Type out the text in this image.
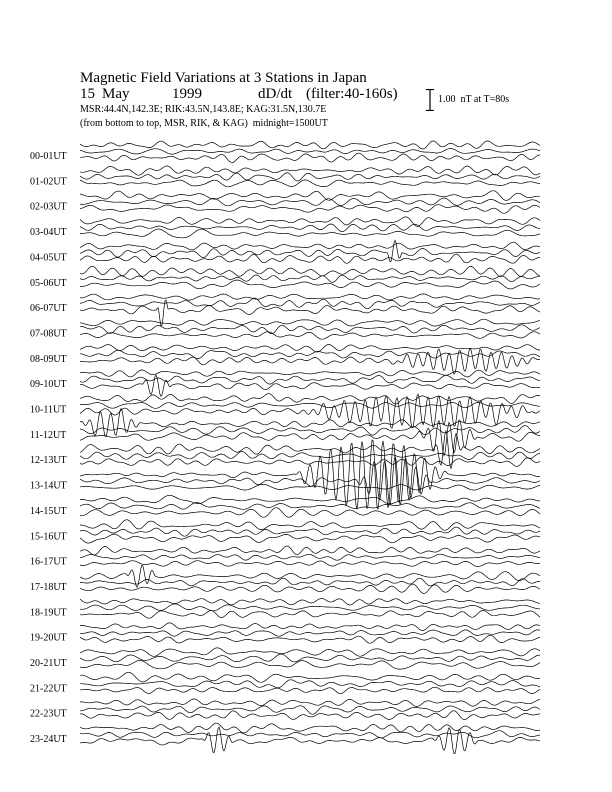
Magnetic Field Variations at 3 Stations in Japan

15

May

	1999

	dD/dt

(filter:40-160s)

MSR:44.4N,142.3E; RIK:43.5N,143.8E; KAG:31.5N,130.7E
(from bottom to top, MSR, RIK, & KAG) midnight=1500UT
1.00  nT at T=80s
00-01UT
01-02UT
02-03UT
03-04UT
04-05UT
05-06UT
06-07UT
07-08UT
08-09UT
09-10UT
10-11UT
11-12UT
12-13UT
13-14UT
14-15UT
15-16UT
16-17UT
17-18UT
18-19UT
19-20UT
20-21UT
21-22UT
22-23UT
23-24UT
